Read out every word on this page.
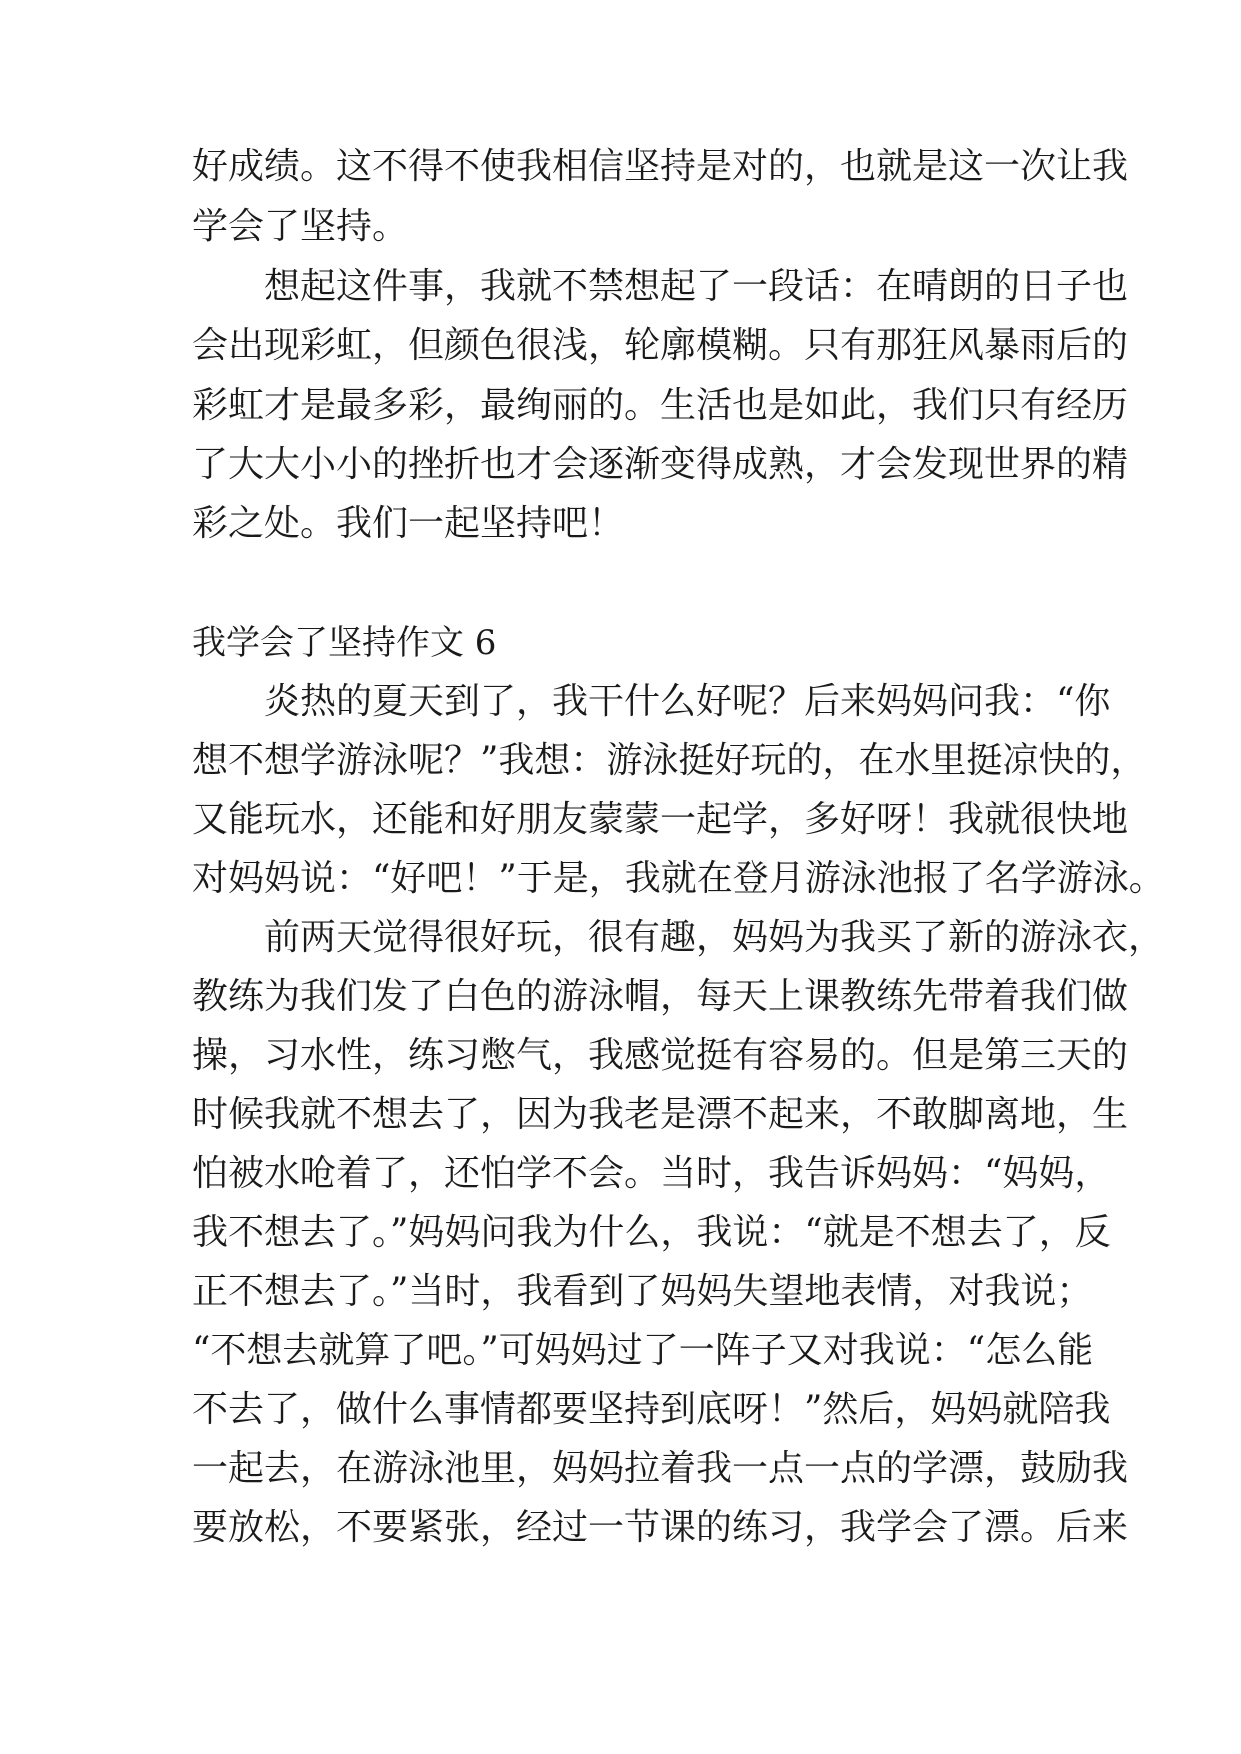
好成绩。这不得不使我相信坚持是对的，也就是这一次让我
学会了坚持。
想起这件事，我就不禁想起了一段话：在晴朗的日子也
会出现彩虹，但颜色很浅，轮廓模糊。只有那狂风暴雨后的
彩虹才是最多彩，最绚丽的。生活也是如此，我们只有经历
了大大小小的挫折也才会逐渐变得成熟，才会发现世界的精
彩之处。我们一起坚持吧！
我学会了坚持作文 6
炎热的夏天到了，我干什么好呢？后来妈妈问我：“你
想不想学游泳呢？”我想：游泳挺好玩的，在水里挺凉快的，
又能玩水，还能和好朋友蒙蒙一起学，多好呀！我就很快地
对妈妈说：“好吧！”于是，我就在登月游泳池报了名学游泳。
前两天觉得很好玩，很有趣，妈妈为我买了新的游泳衣，
教练为我们发了白色的游泳帽，每天上课教练先带着我们做
操，习水性，练习憋气，我感觉挺有容易的。但是第三天的
时候我就不想去了，因为我老是漂不起来，不敢脚离地，生
怕被水呛着了，还怕学不会。当时，我告诉妈妈：“妈妈，
我不想去了。”妈妈问我为什么，我说：“就是不想去了，反
正不想去了。”当时，我看到了妈妈失望地表情，对我说；
“不想去就算了吧。”可妈妈过了一阵子又对我说：“怎么能
不去了，做什么事情都要坚持到底呀！”然后，妈妈就陪我
一起去，在游泳池里，妈妈拉着我一点一点的学漂，鼓励我
要放松，不要紧张，经过一节课的练习，我学会了漂。后来
